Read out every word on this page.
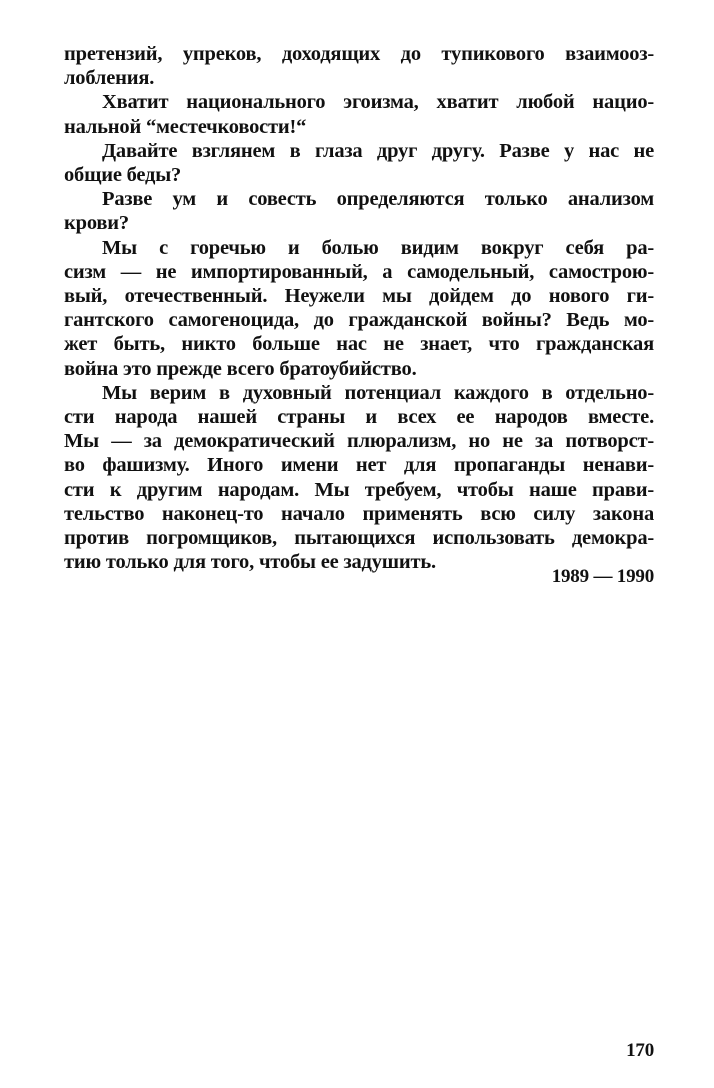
претензий, упреков, доходящих до тупикового взаимооз-
лобления.
Хватит национального эгоизма, хватит любой нацио-
нальной “местечковости!“
Давайте взглянем в глаза друг другу. Разве у нас не
общие беды?
Разве ум и совесть определяются только анализом
крови?
Мы с горечью и болью видим вокруг себя ра-
сизм — не импортированный, а самодельный, самострою-
вый, отечественный. Неужели мы дойдем до нового ги-
гантского самогеноцида, до гражданской войны? Ведь мо-
жет быть, никто больше нас не знает, что гражданская
война это прежде всего братоубийство.
Мы верим в духовный потенциал каждого в отдельно-
сти народа нашей страны и всех ее народов вместе.
Мы — за демократический плюрализм, но не за потворст-
во фашизму. Иного имени нет для пропаганды ненави-
сти к другим народам. Мы требуем, чтобы наше прави-
тельство наконец-то начало применять всю силу закона
против погромщиков, пытающихся использовать демокра-
тию только для того, чтобы ее задушить.
1989 — 1990
170
